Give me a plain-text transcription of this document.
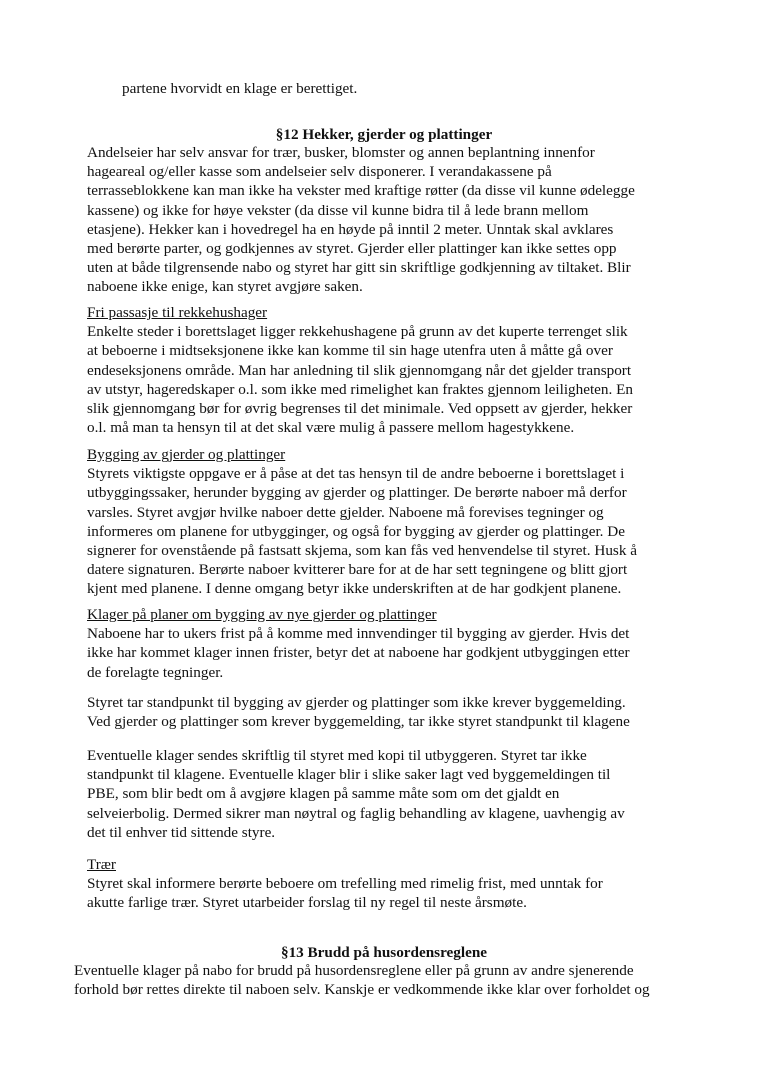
partene hvorvidt en klage er berettiget.

§12 Hekker, gjerder og plattinger
Andelseier har selv ansvar for trær, busker, blomster og annen beplantning innenfor
hageareal og/eller kasse som andelseier selv disponerer. I verandakassene på
terrasseblokkene kan man ikke ha vekster med kraftige røtter (da disse vil kunne ødelegge
kassene) og ikke for høye vekster (da disse vil kunne bidra til å lede brann mellom
etasjene). Hekker kan i hovedregel ha en høyde på inntil 2 meter. Unntak skal avklares
med berørte parter, og godkjennes av styret. Gjerder eller plattinger kan ikke settes opp
uten at både tilgrensende nabo og styret har gitt sin skriftlige godkjenning av tiltaket. Blir
naboene ikke enige, kan styret avgjøre saken.
Fri passasje til rekkehushager
Enkelte steder i borettslaget ligger rekkehushagene på grunn av det kuperte terrenget slik
at beboerne i midtseksjonene ikke kan komme til sin hage utenfra uten å måtte gå over
endeseksjonens område. Man har anledning til slik gjennomgang når det gjelder transport
av utstyr, hageredskaper o.l. som ikke med rimelighet kan fraktes gjennom leiligheten. En
slik gjennomgang bør for øvrig begrenses til det minimale. Ved oppsett av gjerder, hekker
o.l. må man ta hensyn til at det skal være mulig å passere mellom hagestykkene.
Bygging av gjerder og plattinger
Styrets viktigste oppgave er å påse at det tas hensyn til de andre beboerne i borettslaget i
utbyggingssaker, herunder bygging av gjerder og plattinger. De berørte naboer må derfor
varsles. Styret avgjør hvilke naboer dette gjelder. Naboene må forevises tegninger og
informeres om planene for utbygginger, og også for bygging av gjerder og plattinger. De
signerer for ovenstående på fastsatt skjema, som kan fås ved henvendelse til styret. Husk å
datere signaturen. Berørte naboer kvitterer bare for at de har sett tegningene og blitt gjort
kjent med planene. I denne omgang betyr ikke underskriften at de har godkjent planene.
Klager på planer om bygging av nye gjerder og plattinger
Naboene har to ukers frist på å komme med innvendinger til bygging av gjerder. Hvis det
ikke har kommet klager innen frister, betyr det at naboene har godkjent utbyggingen etter
de forelagte tegninger.
Styret tar standpunkt til bygging av gjerder og plattinger som ikke krever byggemelding.
Ved gjerder og plattinger som krever byggemelding, tar ikke styret standpunkt til klagene
Eventuelle klager sendes skriftlig til styret med kopi til utbyggeren. Styret tar ikke
standpunkt til klagene. Eventuelle klager blir i slike saker lagt ved byggemeldingen til
PBE, som blir bedt om å avgjøre klagen på samme måte som om det gjaldt en
selveierbolig. Dermed sikrer man nøytral og faglig behandling av klagene, uavhengig av
det til enhver tid sittende styre.
Trær
Styret skal informere berørte beboere om trefelling med rimelig frist, med unntak for
akutte farlige trær. Styret utarbeider forslag til ny regel til neste årsmøte.
§13 Brudd på husordensreglene
Eventuelle klager på nabo for brudd på husordensreglene eller på grunn av andre sjenerende
forhold bør rettes direkte til naboen selv. Kanskje er vedkommende ikke klar over forholdet og
